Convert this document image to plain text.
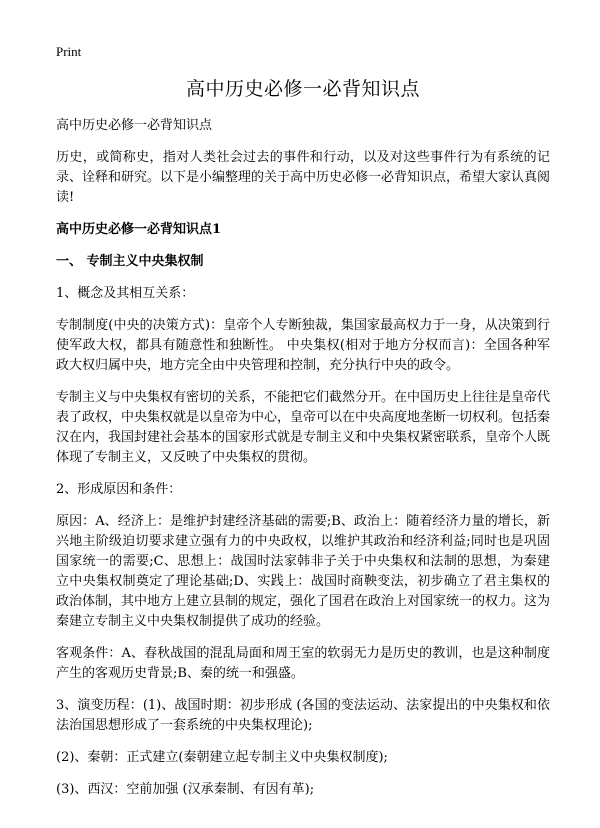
Print
高中历史必修一必背知识点

高中历史必修一必背知识点

历史，或简称史，指对人类社会过去的事件和行动，以及对这些事件行为有系统的记录、诠释和研究。以下是小编整理的关于高中历史必修一必背知识点，希望大家认真阅读!

高中历史必修一必背知识点1
一、 专制主义中央集权制

1、概念及其相互关系：

专制制度(中央的决策方式)：皇帝个人专断独裁，集国家最高权力于一身，从决策到行使军政大权，都具有随意性和独断性。 中央集权(相对于地方分权而言)：全国各种军政大权归属中央，地方完全由中央管理和控制，充分执行中央的政令。

专制主义与中央集权有密切的关系，不能把它们截然分开。在中国历史上往往是皇帝代表了政权，中央集权就是以皇帝为中心，皇帝可以在中央高度地垄断一切权利。包括秦汉在内，我国封建社会基本的国家形式就是专制主义和中央集权紧密联系，皇帝个人既体现了专制主义，又反映了中央集权的贯彻。

2、形成原因和条件：

原因：A、经济上：是维护封建经济基础的需要;B、政治上：随着经济力量的增长，新兴地主阶级迫切要求建立强有力的中央政权，以维护其政治和经济利益;同时也是巩固国家统一的需要;C、思想上：战国时法家韩非子关于中央集权和法制的思想，为秦建立中央集权制奠定了理论基础;D、实践上：战国时商鞅变法，初步确立了君主集权的政治体制，其中地方上建立县制的规定，强化了国君在政治上对国家统一的权力。这为秦建立专制主义中央集权制提供了成功的经验。

客观条件：A、春秋战国的混乱局面和周王室的软弱无力是历史的教训，也是这种制度产生的客观历史背景;B、秦的统一和强盛。

3、演变历程：(1)、战国时期：初步形成 (各国的变法运动、法家提出的中央集权和依法治国思想形成了一套系统的中央集权理论);

(2)、秦朝：正式建立(秦朝建立起专制主义中央集权制度);

(3)、西汉：空前加强 (汉承秦制、有因有革);
